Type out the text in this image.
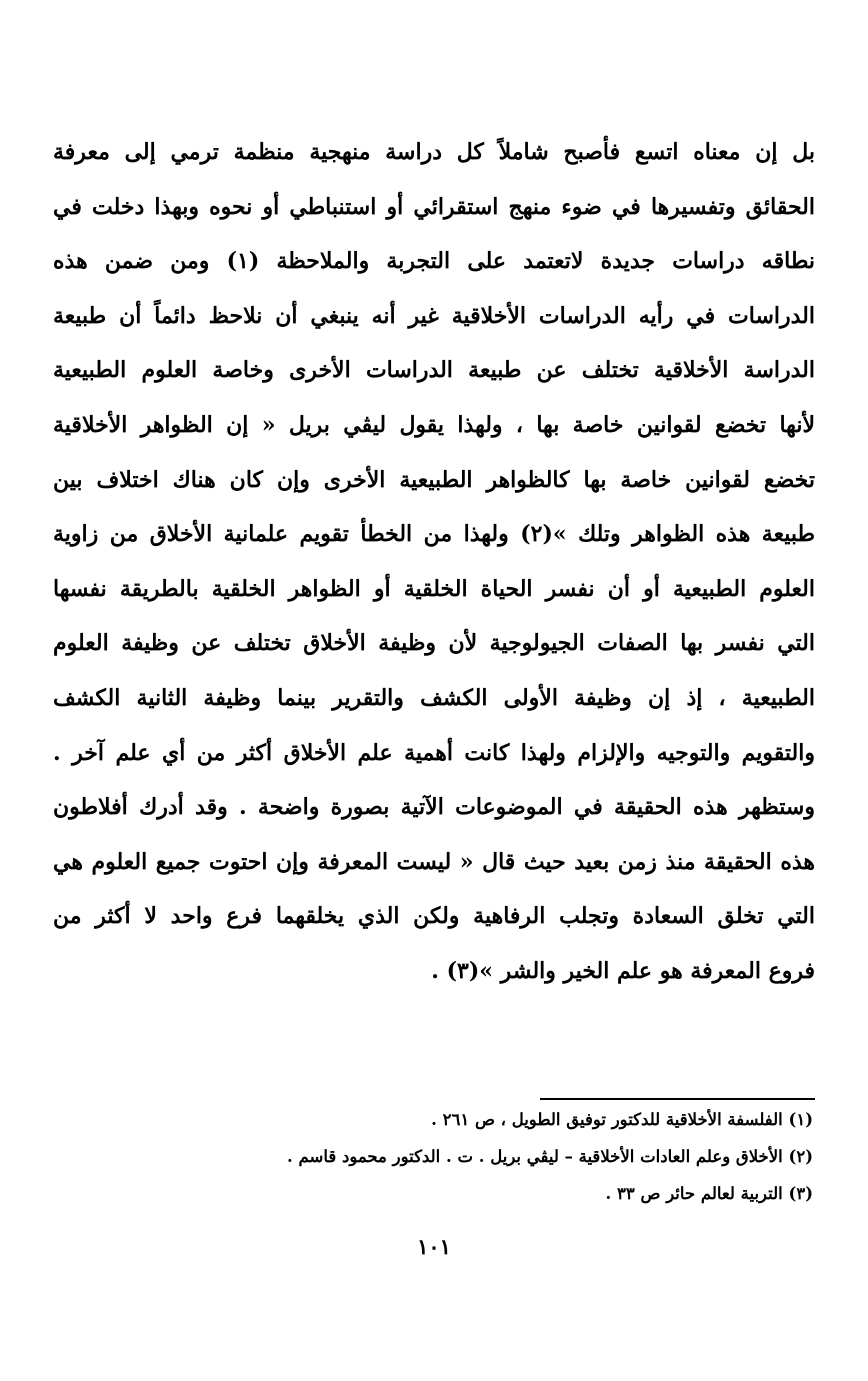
بل إن معناه اتسع فأصبح شاملاً كل دراسة منهجية منظمة ترمي إلى معرفة
الحقائق وتفسيرها في ضوء منهج استقرائي أو استنباطي أو نحوه وبهذا دخلت في
نطاقه دراسات جديدة لاتعتمد على التجربة والملاحظة (١) ومن ضمن هذه
الدراسات في رأيه الدراسات الأخلاقية غير أنه ينبغي أن نلاحظ دائماً أن طبيعة
الدراسة الأخلاقية تختلف عن طبيعة الدراسات الأخرى وخاصة العلوم الطبيعية
لأنها تخضع لقوانين خاصة بها ، ولهذا يقول ليڤي بريل « إن الظواهر الأخلاقية
تخضع لقوانين خاصة بها كالظواهر الطبيعية الأخرى وإن كان هناك اختلاف بين
طبيعة هذه الظواهر وتلك »(٢) ولهذا من الخطأ تقويم علمانية الأخلاق من زاوية
العلوم الطبيعية أو أن نفسر الحياة الخلقية أو الظواهر الخلقية بالطريقة نفسها
التي نفسر بها الصفات الجيولوجية لأن وظيفة الأخلاق تختلف عن وظيفة العلوم
الطبيعية ، إذ إن وظيفة الأولى الكشف والتقرير بينما وظيفة الثانية الكشف
والتقويم والتوجيه والإلزام ولهذا كانت أهمية علم الأخلاق أكثر من أي علم آخر .
وستظهر هذه الحقيقة في الموضوعات الآتية بصورة واضحة . وقد أدرك أفلاطون
هذه الحقيقة منذ زمن بعيد حيث قال « ليست المعرفة وإن احتوت جميع العلوم هي
التي تخلق السعادة وتجلب الرفاهية ولكن الذي يخلقهما فرع واحد لا أكثر من
فروع المعرفة هو علم الخير والشر »(٣) .
(١) الفلسفة الأخلاقية للدكتور توفيق الطويل ، ص ٢٦١ .
(٢) الأخلاق وعلم العادات الأخلاقية – ليڤي بريل . ت . الدكتور محمود قاسم .
(٣) التربية لعالم حائر ص ٣٣ .
١٠١
